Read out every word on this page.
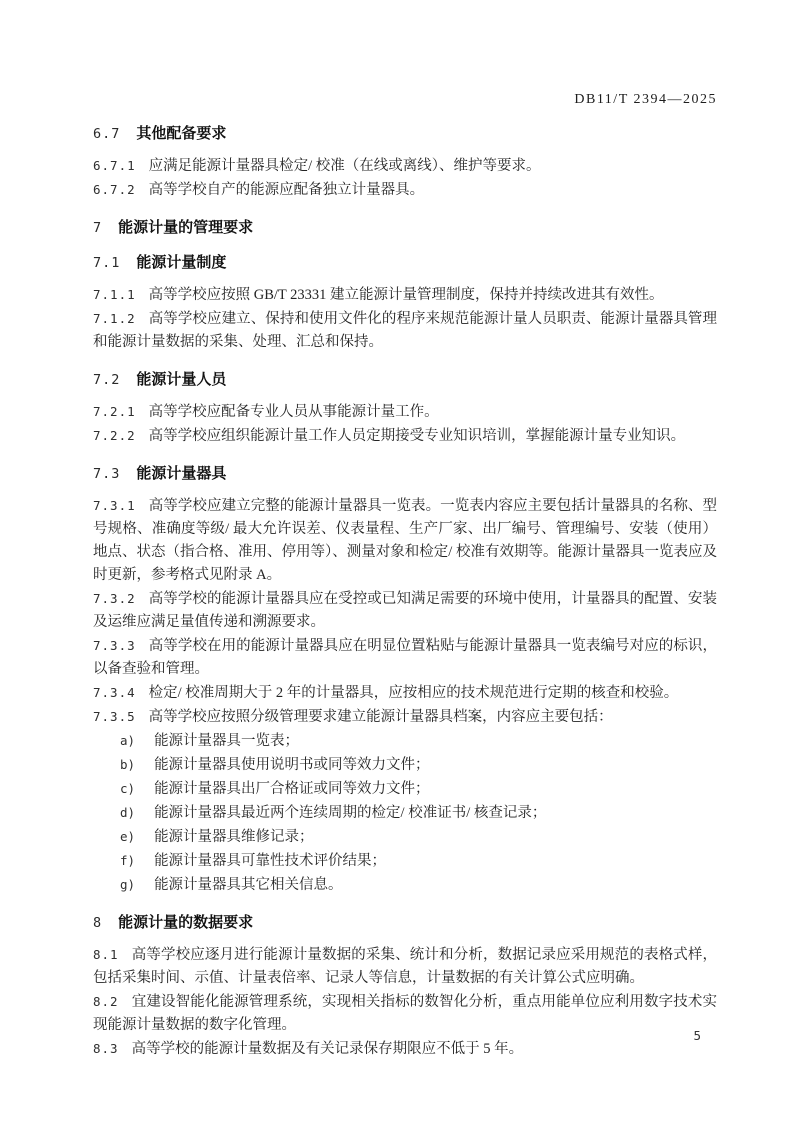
DB11/T 2394—2025
6.7 其他配备要求

6.7.1 应满足能源计量器具检定/ 校准（在线或离线）、维护等要求。

6.7.2 高等学校自产的能源应配备独立计量器具。

7 能源计量的管理要求
7.1 能源计量制度

7.1.1 高等学校应按照 GB/T 23331 建立能源计量管理制度，保持并持续改进其有效性。

7.1.2 高等学校应建立、保持和使用文件化的程序来规范能源计量人员职责、能源计量器具管理和能源计量数据的采集、处理、汇总和保持。

7.2 能源计量人员

7.2.1 高等学校应配备专业人员从事能源计量工作。

7.2.2 高等学校应组织能源计量工作人员定期接受专业知识培训，掌握能源计量专业知识。

7.3 能源计量器具

7.3.1 高等学校应建立完整的能源计量器具一览表。一览表内容应主要包括计量器具的名称、型号规格、准确度等级/ 最大允许误差、仪表量程、生产厂家、出厂编号、管理编号、安装（使用）地点、状态（指合格、准用、停用等）、测量对象和检定/ 校准有效期等。能源计量器具一览表应及时更新，参考格式见附录 A。

7.3.2 高等学校的能源计量器具应在受控或已知满足需要的环境中使用，计量器具的配置、安装及运维应满足量值传递和溯源要求。

7.3.3 高等学校在用的能源计量器具应在明显位置粘贴与能源计量器具一览表编号对应的标识，以备查验和管理。

7.3.4 检定/ 校准周期大于 2 年的计量器具，应按相应的技术规范进行定期的核查和校验。

7.3.5 高等学校应按照分级管理要求建立能源计量器具档案，内容应主要包括：

a) 能源计量器具一览表；
b) 能源计量器具使用说明书或同等效力文件；
c) 能源计量器具出厂合格证或同等效力文件；
d) 能源计量器具最近两个连续周期的检定/ 校准证书/ 核查记录；
e) 能源计量器具维修记录；
f) 能源计量器具可靠性技术评价结果；
g) 能源计量器具其它相关信息。
8 能源计量的数据要求

8.1 高等学校应逐月进行能源计量数据的采集、统计和分析，数据记录应采用规范的表格式样，包括采集时间、示值、计量表倍率、记录人等信息，计量数据的有关计算公式应明确。

8.2 宜建设智能化能源管理系统，实现相关指标的数智化分析，重点用能单位应利用数字技术实现能源计量数据的数字化管理。

8.3 高等学校的能源计量数据及有关记录保存期限应不低于 5 年。

5
